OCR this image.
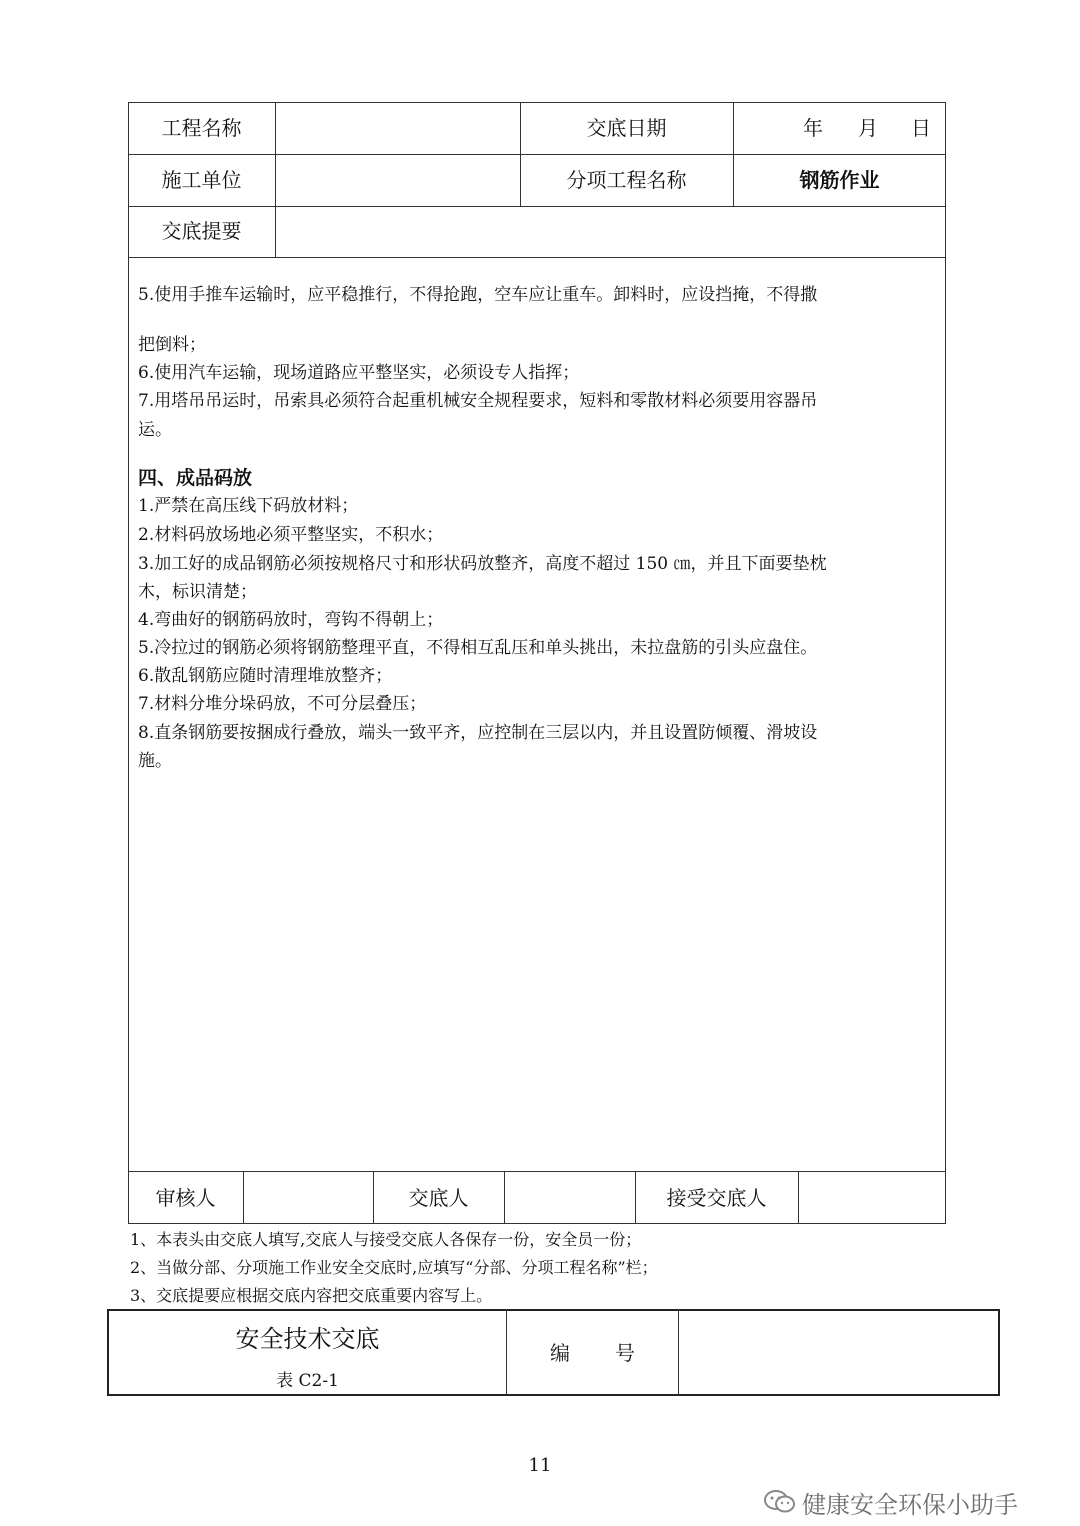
工程名称	交底日期	年 月 日
施工单位	分项工程名称	钢筋作业
交底提要
5.使用手推车运输时，应平稳推行，不得抢跑，空车应让重车。卸料时，应设挡掩，不得撒
把倒料；
6.使用汽车运输，现场道路应平整坚实，必须设专人指挥；
7.用塔吊吊运时，吊索具必须符合起重机械安全规程要求，短料和零散材料必须要用容器吊
运。
四、成品码放
1.严禁在高压线下码放材料；
2.材料码放场地必须平整坚实，不积水；
3.加工好的成品钢筋必须按规格尺寸和形状码放整齐，高度不超过 150 ㎝，并且下面要垫枕
木，标识清楚；
4.弯曲好的钢筋码放时，弯钩不得朝上；
5.冷拉过的钢筋必须将钢筋整理平直，不得相互乱压和单头挑出，未拉盘筋的引头应盘住。
6.散乱钢筋应随时清理堆放整齐；
7.材料分堆分垛码放，不可分层叠压；
8.直条钢筋要按捆成行叠放，端头一致平齐，应控制在三层以内，并且设置防倾覆、滑坡设
施。
审核人	交底人	接受交底人
1、本表头由交底人填写,交底人与接受交底人各保存一份，安全员一份；
2、当做分部、分项施工作业安全交底时,应填写“分部、分项工程名称”栏；
3、交底提要应根据交底内容把交底重要内容写上。
安全技术交底
表 C2-1
编 号
11
健康安全环保小助手
